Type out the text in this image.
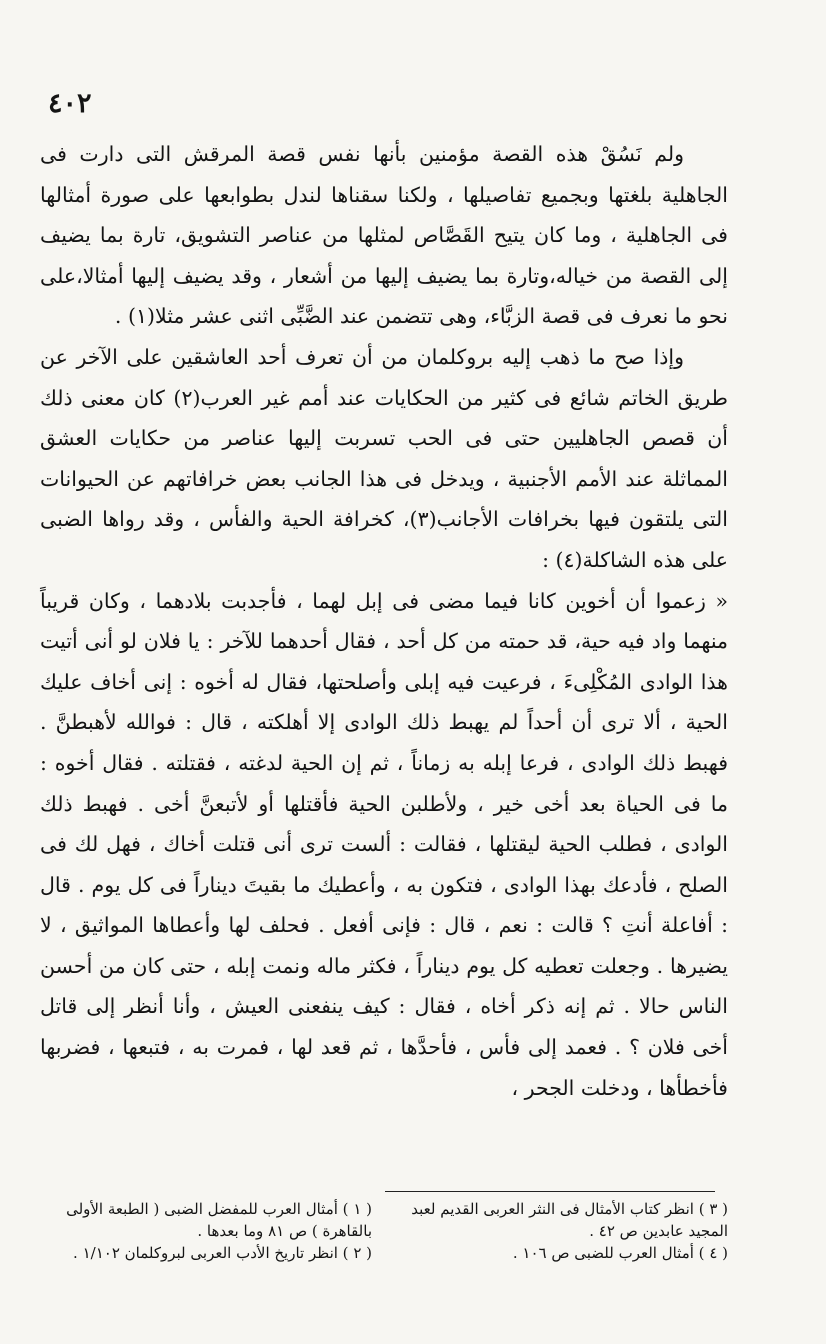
٤٠٢

ولم نَسُقْ هذه القصة مؤمنين بأنها نفس قصة المرقش التى دارت فى الجاهلية بلغتها وبجميع تفاصيلها ، ولكنا سقناها لندل بطوابعها على صورة أمثالها فى الجاهلية ، وما كان يتيح القَصَّاص لمثلها من عناصر التشويق، تارة بما يضيف إلى القصة من خياله،وتارة بما يضيف إليها من أشعار ، وقد يضيف إليها أمثالا،على نحو ما نعرف فى قصة الزبَّاء، وهى تتضمن عند الضَّبِّى اثنى عشر مثلا(١) .

وإذا صح ما ذهب إليه بروكلمان من أن تعرف أحد العاشقين على الآخر عن طريق الخاتم شائع فى كثير من الحكايات عند أمم غير العرب(٢) كان معنى ذلك أن قصص الجاهليين حتى فى الحب تسربت إليها عناصر من حكايات العشق المماثلة عند الأمم الأجنبية ، ويدخل فى هذا الجانب بعض خرافاتهم عن الحيوانات التى يلتقون فيها بخرافات الأجانب(٣)، كخرافة الحية والفأس ، وقد رواها الضبى على هذه الشاكلة(٤) :

« زعموا أن أخوين كانا فيما مضى فى إبل لهما ، فأجدبت بلادهما ، وكان قريباً منهما واد فيه حية، قد حمته من كل أحد ، فقال أحدهما للآخر : يا فلان لو أنى أتيت هذا الوادى المُكْلِىءَ ، فرعيت فيه إبلى وأصلحتها، فقال له أخوه : إنى أخاف عليك الحية ، ألا ترى أن أحداً لم يهبط ذلك الوادى إلا أهلكته ، قال : فوالله لأهبطنَّ . فهبط ذلك الوادى ، فرعا إبله به زماناً ، ثم إن الحية لدغته ، فقتلته . فقال أخوه : ما فى الحياة بعد أخى خير ، ولأطلبن الحية فأقتلها أو لأتبعنَّ أخى . فهبط ذلك الوادى ، فطلب الحية ليقتلها ، فقالت : ألست ترى أنى قتلت أخاك ، فهل لك فى الصلح ، فأدعك بهذا الوادى ، فتكون به ، وأعطيك ما بقيتَ ديناراً فى كل يوم . قال : أفاعلة أنتِ ؟ قالت : نعم ، قال : فإنى أفعل . فحلف لها وأعطاها المواثيق ، لا يضيرها . وجعلت تعطيه كل يوم ديناراً ، فكثر ماله ونمت إبله ، حتى كان من أحسن الناس حالا . ثم إنه ذكر أخاه ، فقال : كيف ينفعنى العيش ، وأنا أنظر إلى قاتل أخى فلان ؟ . فعمد إلى فأس ، فأحدَّها ، ثم قعد لها ، فمرت به ، فتبعها ، فضربها فأخطأها ، ودخلت الجحر ،

( ١ ) أمثال العرب للمفضل الضبى ( الطبعة الأولى بالقاهرة ) ص ٨١ وما بعدها .

( ٢ ) انظر تاريخ الأدب العربى لبروكلمان ١/١٠٢ .

( ٣ ) انظر كتاب الأمثال فى النثر العربى القديم لعبد المجيد عابدين ص ٤٢ .

( ٤ ) أمثال العرب للضبى ص ١٠٦ .
